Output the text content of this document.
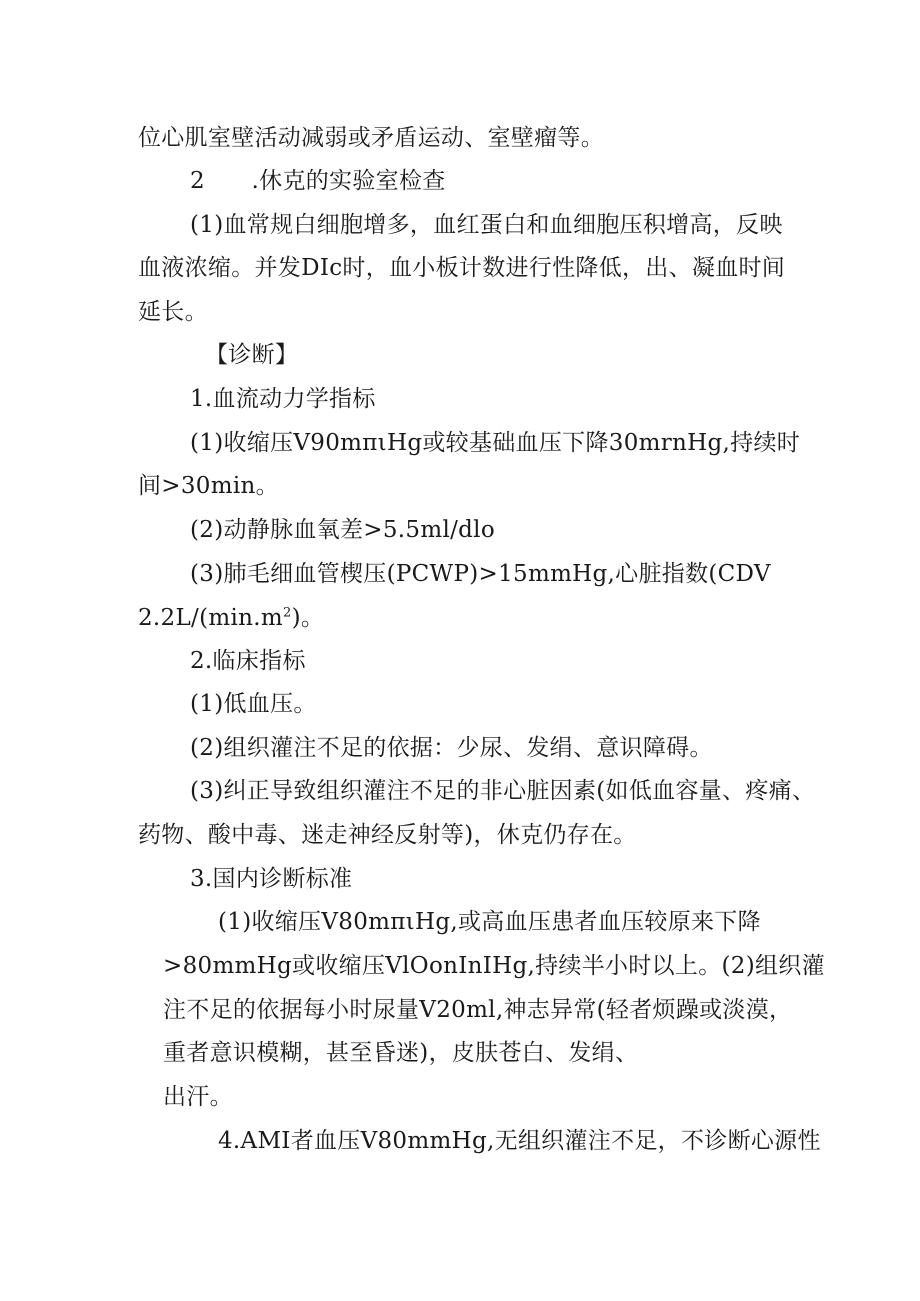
位心肌室壁活动减弱或矛盾运动、室壁瘤等。
2　　.休克的实验室检查
(1)血常规白细胞增多，血红蛋白和血细胞压积增高，反映
血液浓缩。并发DIc时，血小板计数进行性降低，出、凝血时间
延长。
【诊断】
1.血流动力学指标
(1)收缩压V90mπιHg或较基础血压下降30mrnHg,持续时
间>30min。
(2)动静脉血氧差>5.5ml/dlo
(3)肺毛细血管楔压(PCWP)>15mmHg,心脏指数(CDV
$2.2L/(\min.m^2)$。
2.临床指标
(1)低血压。
(2)组织灌注不足的依据：少尿、发绢、意识障碍。
(3)纠正导致组织灌注不足的非心脏因素(如低血容量、疼痛、
药物、酸中毒、迷走神经反射等)，休克仍存在。
3.国内诊断标准
(1)收缩压V80mπιHg,或高血压患者血压较原来下降
>80mmHg或收缩压VlOonInIHg,持续半小时以上。(2)组织灌
注不足的依据每小时尿量V20ml,神志异常(轻者烦躁或淡漠，
重者意识模糊，甚至昏迷)，皮肤苍白、发绢、
出汗。
4.AMI者血压V80mmHg,无组织灌注不足，不诊断心源性
